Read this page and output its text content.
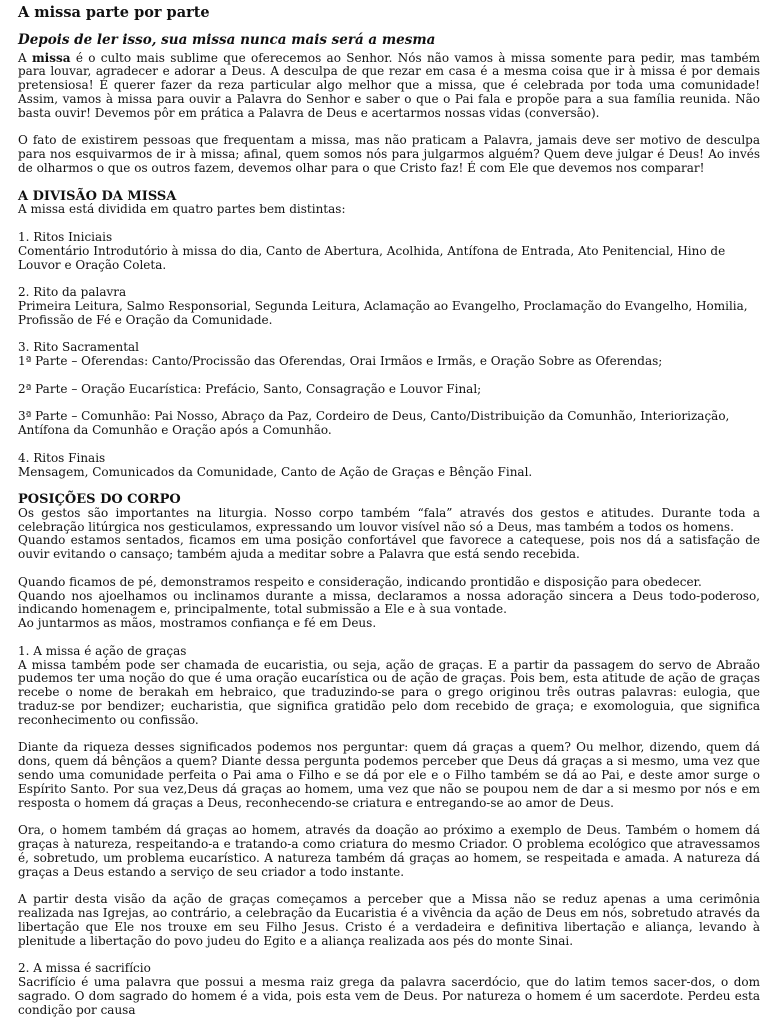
A missa parte por parte

Depois de ler isso, sua missa nunca mais será a mesma

A missa é o culto mais sublime que oferecemos ao Senhor. Nós não vamos à missa somente para pedir, mas também para louvar, agradecer e adorar a Deus. A desculpa de que rezar em casa é a mesma coisa que ir à missa é por demais pretensiosa! É querer fazer da reza particular algo melhor que a missa, que é celebrada por toda uma comunidade! Assim, vamos à missa para ouvir a Palavra do Senhor e saber o que o Pai fala e propõe para a sua família reunida. Não basta ouvir! Devemos pôr em prática a Palavra de Deus e acertarmos nossas vidas (conversão).

O fato de existirem pessoas que frequentam a missa, mas não praticam a Palavra, jamais deve ser motivo de desculpa para nos esquivarmos de ir à missa; afinal, quem somos nós para julgarmos alguém? Quem deve julgar é Deus! Ao invés de olharmos o que os outros fazem, devemos olhar para o que Cristo faz! É com Ele que devemos nos comparar!

A DIVISÃO DA MISSA

A missa está dividida em quatro partes bem distintas:

1. Ritos Iniciais

Comentário Introdutório à missa do dia, Canto de Abertura, Acolhida, Antífona de Entrada, Ato Penitencial, Hino de Louvor e Oração Coleta.

2. Rito da palavra

Primeira Leitura, Salmo Responsorial, Segunda Leitura, Aclamação ao Evangelho, Proclamação do Evangelho, Homilia, Profissão de Fé e Oração da Comunidade.

3. Rito Sacramental

1ª Parte – Oferendas: Canto/Procissão das Oferendas, Orai Irmãos e Irmãs, e Oração Sobre as Oferendas;

2ª Parte – Oração Eucarística: Prefácio, Santo, Consagração e Louvor Final;

3ª Parte – Comunhão: Pai Nosso, Abraço da Paz, Cordeiro de Deus, Canto/Distribuição da Comunhão, Interiorização, Antífona da Comunhão e Oração após a Comunhão.

4. Ritos Finais

Mensagem, Comunicados da Comunidade, Canto de Ação de Graças e Bênção Final.

POSIÇÕES DO CORPO

Os gestos são importantes na liturgia. Nosso corpo também “fala” através dos gestos e atitudes. Durante toda a celebração litúrgica nos gesticulamos, expressando um louvor visível não só a Deus, mas também a todos os homens.

Quando estamos sentados, ficamos em uma posição confortável que favorece a catequese, pois nos dá a satisfação de ouvir evitando o cansaço; também ajuda a meditar sobre a Palavra que está sendo recebida.

Quando ficamos de pé, demonstramos respeito e consideração, indicando prontidão e disposição para obedecer.

Quando nos ajoelhamos ou inclinamos durante a missa, declaramos a nossa adoração sincera a Deus todo-poderoso, indicando homenagem e, principalmente, total submissão a Ele e à sua vontade.

Ao juntarmos as mãos, mostramos confiança e fé em Deus.

1. A missa é ação de graças

A missa também pode ser chamada de eucaristia, ou seja, ação de graças. E a partir da passagem do servo de Abraão pudemos ter uma noção do que é uma oração eucarística ou de ação de graças. Pois bem, esta atitude de ação de graças recebe o nome de berakah em hebraico, que traduzindo-se para o grego originou três outras palavras: eulogia, que traduz-se por bendizer; eucharistia, que significa gratidão pelo dom recebido de graça; e exomologuia, que significa reconhecimento ou confissão.

Diante da riqueza desses significados podemos nos perguntar: quem dá graças a quem? Ou melhor, dizendo, quem dá dons, quem dá bênçãos a quem? Diante dessa pergunta podemos perceber que Deus dá graças a si mesmo, uma vez que sendo uma comunidade perfeita o Pai ama o Filho e se dá por ele e o Filho também se dá ao Pai, e deste amor surge o Espírito Santo. Por sua vez,Deus dá graças ao homem, uma vez que não se poupou nem de dar a si mesmo por nós e em resposta o homem dá graças a Deus, reconhecendo-se criatura e entregando-se ao amor de Deus.

Ora, o homem também dá graças ao homem, através da doação ao próximo a exemplo de Deus. Também o homem dá graças à natureza, respeitando-a e tratando-a como criatura do mesmo Criador. O problema ecológico que atravessamos é, sobretudo, um problema eucarístico. A natureza também dá graças ao homem, se respeitada e amada. A natureza dá graças a Deus estando a serviço de seu criador a todo instante.

A partir desta visão da ação de graças começamos a perceber que a Missa não se reduz apenas a uma cerimônia realizada nas Igrejas, ao contrário, a celebração da Eucaristia é a vivência da ação de Deus em nós, sobretudo através da libertação que Ele nos trouxe em seu Filho Jesus. Cristo é a verdadeira e definitiva libertação e aliança, levando à plenitude a libertação do povo judeu do Egito e a aliança realizada aos pés do monte Sinai.

2. A missa é sacrifício

Sacrifício é uma palavra que possui a mesma raiz grega da palavra sacerdócio, que do latim temos sacer-dos, o dom sagrado. O dom sagrado do homem é a vida, pois esta vem de Deus. Por natureza o homem é um sacerdote. Perdeu esta condição por causa
